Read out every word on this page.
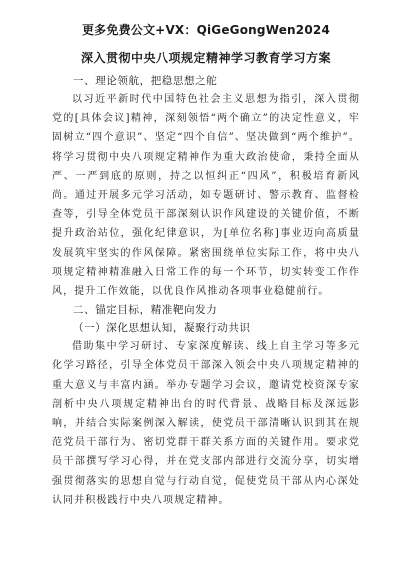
更多免费公文+VX：QiGeGongWen2024
深入贯彻中央八项规定精神学习教育学习方案

一、理论领航，把稳思想之舵

以习近平新时代中国特色社会主义思想为指引，深入贯彻党的[具体会议]精神，深刻领悟“两个确立”的决定性意义，牢固树立“四个意识”、坚定“四个自信”、坚决做到“两个维护”。将学习贯彻中央八项规定精神作为重大政治使命，秉持全面从严、一严到底的原则，持之以恒纠正“四风”，积极培育新风尚。通过开展多元学习活动，如专题研讨、警示教育、监督检查等，引导全体党员干部深刻认识作风建设的关键价值，不断提升政治站位，强化纪律意识，为[单位名称]事业迈向高质量发展筑牢坚实的作风保障。紧密围绕单位实际工作，将中央八项规定精神精准融入日常工作的每一个环节，切实转变工作作风，提升工作效能，以优良作风推动各项事业稳健前行。

二、锚定目标，精准靶向发力

（一）深化思想认知，凝聚行动共识

借助集中学习研讨、专家深度解读、线上自主学习等多元化学习路径，引导全体党员干部深入领会中央八项规定精神的重大意义与丰富内涵。举办专题学习会议，邀请党校资深专家剖析中央八项规定精神出台的时代背景、战略目标及深远影响，并结合实际案例深入解读，使党员干部清晰认识到其在规范党员干部行为、密切党群干群关系方面的关键作用。要求党员干部撰写学习心得，并在党支部内部进行交流分享，切实增强贯彻落实的思想自觉与行动自觉，促使党员干部从内心深处认同并积极践行中央八项规定精神。
